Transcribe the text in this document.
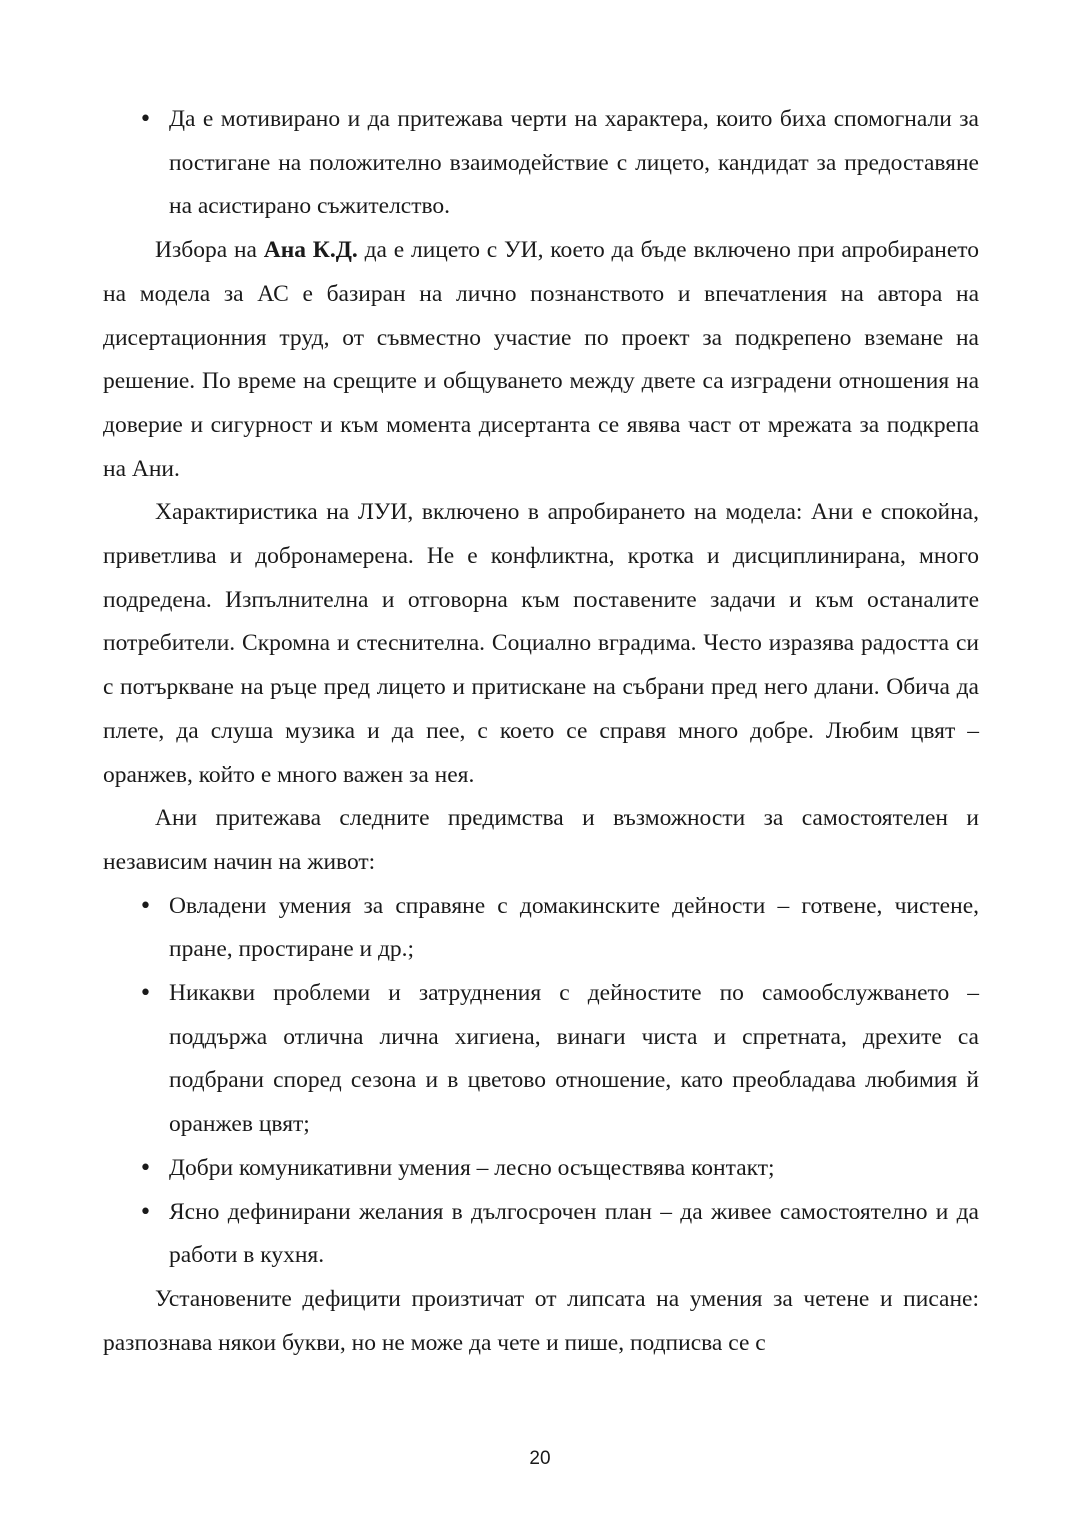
• Да е мотивирано и да притежава черти на характера, които биха спомогнали за постигане на положително взаимодействие с лицето, кандидат за предоставяне на асистирано съжителство.

Избора на Ана К.Д. да е лицето с УИ, което да бъде включено при апробирането на модела за АС е базиран на лично познанството и впечатления на автора на дисертационния труд, от съвместно участие по проект за подкрепено вземане на решение. По време на срещите и общуването между двете са изградени отношения на доверие и сигурност и към момента дисертанта се явява част от мрежата за подкрепа на Ани.

Характиристика на ЛУИ, включено в апробирането на модела: Ани е спокойна, приветлива и добронамерена. Не е конфликтна, кротка и дисциплинирана, много подредена. Изпълнителна и отговорна към поставените задачи и към останалите потребители. Скромна и стеснителна. Социално вградима. Често изразява радостта си с потъркване на ръце пред лицето и притискане на събрани пред него длани. Обича да плете, да слуша музика и да пее, с което се справя много добре. Любим цвят – оранжев, който е много важен за нея.

Ани притежава следните предимства и възможности за самостоятелен и независим начин на живот:

• Овладени умения за справяне с домакинските дейности – готвене, чистене, пране, простиране и др.;
• Никакви проблеми и затруднения с дейностите по самообслужването – поддържа отлична лична хигиена, винаги чиста и спретната, дрехите са подбрани според сезона и в цветово отношение, като преобладава любимия й оранжев цвят;
• Добри комуникативни умения – лесно осъществява контакт;
• Ясно дефинирани желания в дългосрочен план – да живее самостоятелно и да работи в кухня.

Установените дефицити произтичат от липсата на умения за четене и писане: разпознава някои букви, но не може да чете и пише, подписва се с

20
